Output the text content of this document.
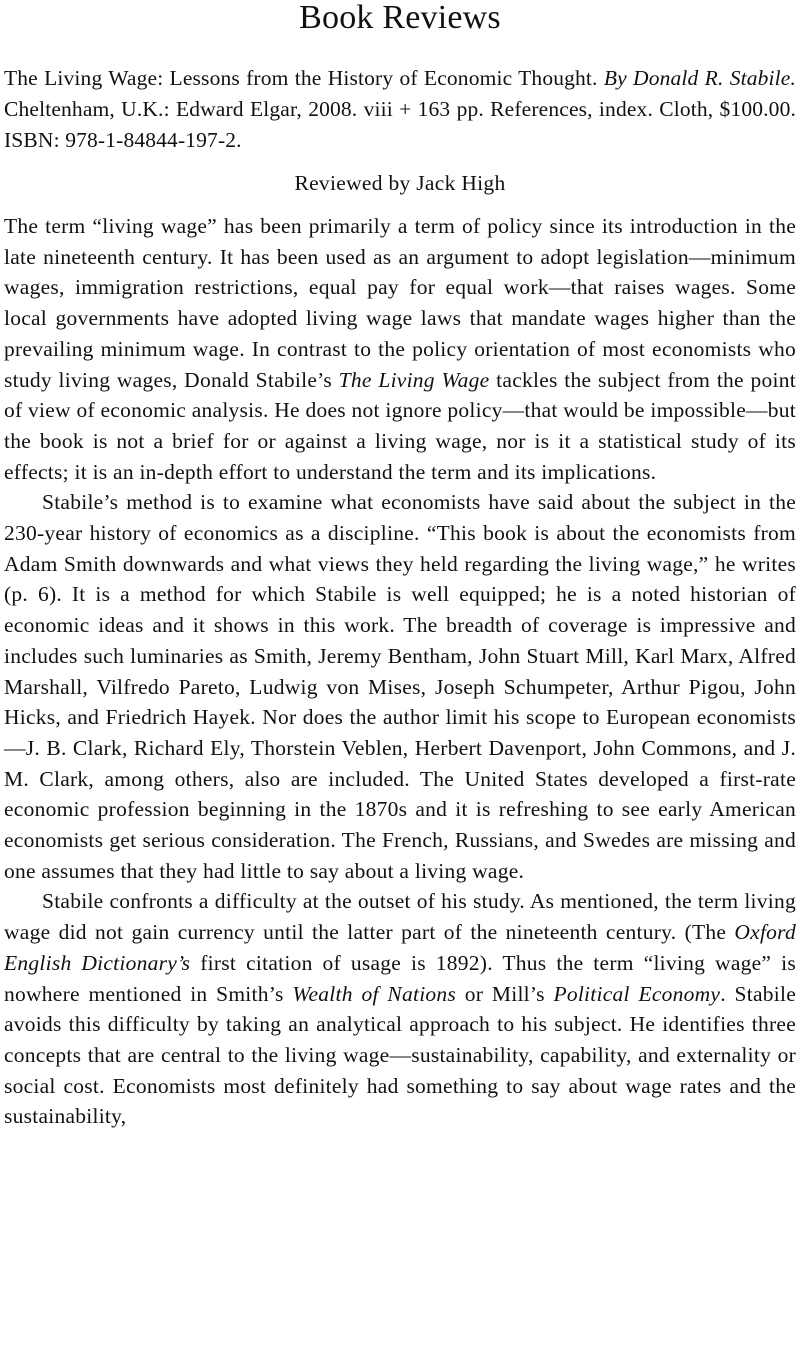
Book Reviews

The Living Wage: Lessons from the History of Economic Thought. By Donald R. Stabile. Cheltenham, U.K.: Edward Elgar, 2008. viii + 163 pp. References, index. Cloth, $100.00. ISBN: 978-1-84844-197-2.

Reviewed by Jack High

The term “living wage” has been primarily a term of policy since its introduction in the late nineteenth century. It has been used as an argument to adopt legislation—minimum wages, immigration restrictions, equal pay for equal work—that raises wages. Some local governments have adopted living wage laws that mandate wages higher than the prevailing minimum wage. In contrast to the policy orientation of most economists who study living wages, Donald Stabile’s The Living Wage tackles the subject from the point of view of economic analysis. He does not ignore policy—that would be impossible—but the book is not a brief for or against a living wage, nor is it a statistical study of its effects; it is an in-depth effort to understand the term and its implications.

Stabile’s method is to examine what economists have said about the subject in the 230-year history of economics as a discipline. “This book is about the economists from Adam Smith downwards and what views they held regarding the living wage,” he writes (p. 6). It is a method for which Stabile is well equipped; he is a noted historian of economic ideas and it shows in this work. The breadth of coverage is impressive and includes such luminaries as Smith, Jeremy Bentham, John Stuart Mill, Karl Marx, Alfred Marshall, Vilfredo Pareto, Ludwig von Mises, Joseph Schumpeter, Arthur Pigou, John Hicks, and Friedrich Hayek. Nor does the author limit his scope to European economists—J. B. Clark, Richard Ely, Thorstein Veblen, Herbert Davenport, John Commons, and J. M. Clark, among others, also are included. The United States developed a first-rate economic profession beginning in the 1870s and it is refreshing to see early American economists get serious consideration. The French, Russians, and Swedes are missing and one assumes that they had little to say about a living wage.

Stabile confronts a difficulty at the outset of his study. As mentioned, the term living wage did not gain currency until the latter part of the nineteenth century. (The Oxford English Dictionary’s first citation of usage is 1892). Thus the term “living wage” is nowhere mentioned in Smith’s Wealth of Nations or Mill’s Political Economy. Stabile avoids this difficulty by taking an analytical approach to his subject. He identifies three concepts that are central to the living wage—sustainability, capability, and externality or social cost. Economists most definitely had something to say about wage rates and the sustainability,
